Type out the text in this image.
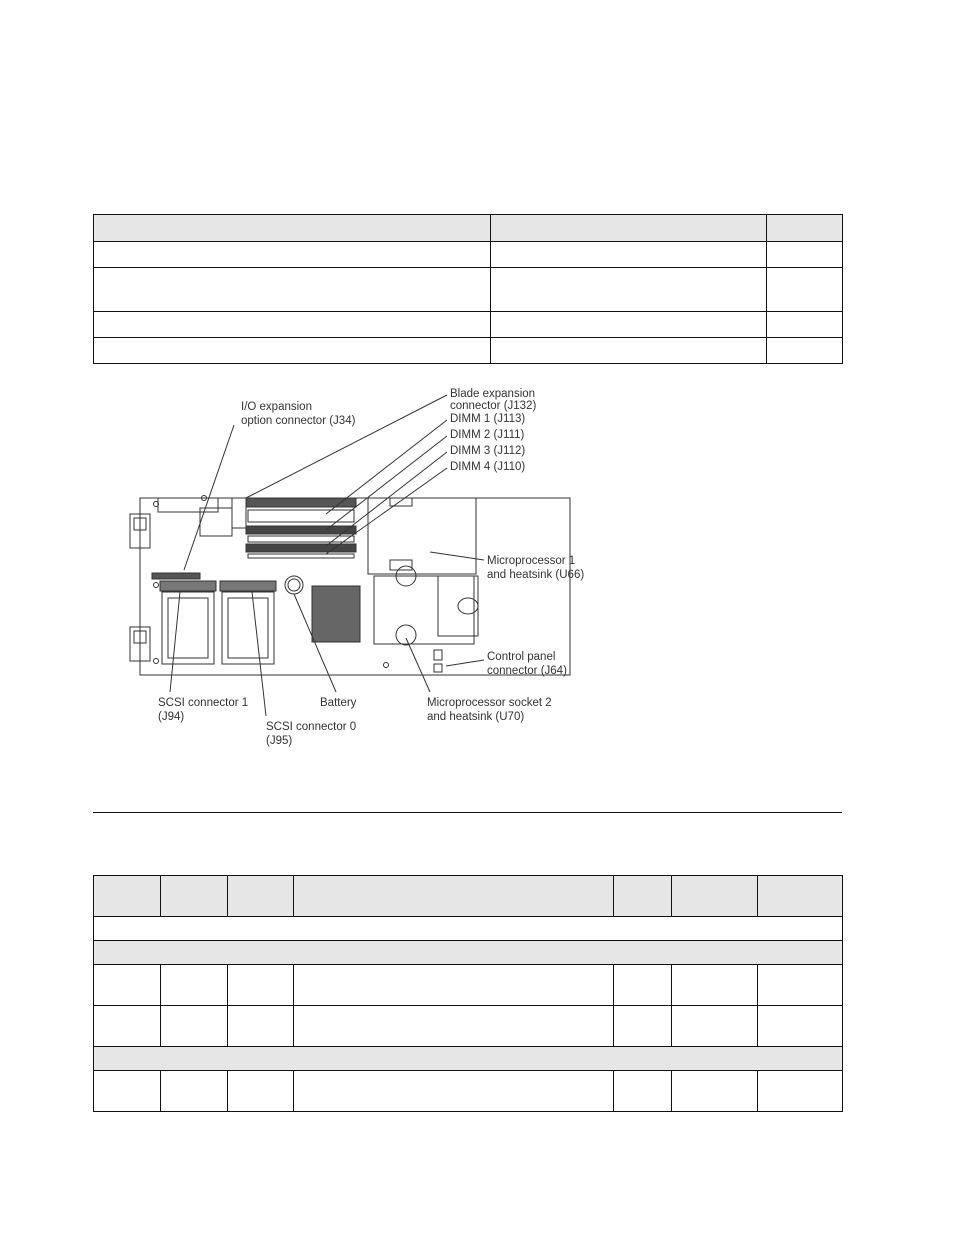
I/O expansion
option connector (J34)
Blade expansion
connector (J132)
DIMM 1 (J113)
DIMM 2 (J111)
DIMM 3 (J112)
DIMM 4 (J110)
Microprocessor 1
and heatsink (U66)
Control panel
connector (J64)
Microprocessor socket 2
and heatsink (U70)
Battery
SCSI connector 1
(J94)
SCSI connector 0
(J95)
